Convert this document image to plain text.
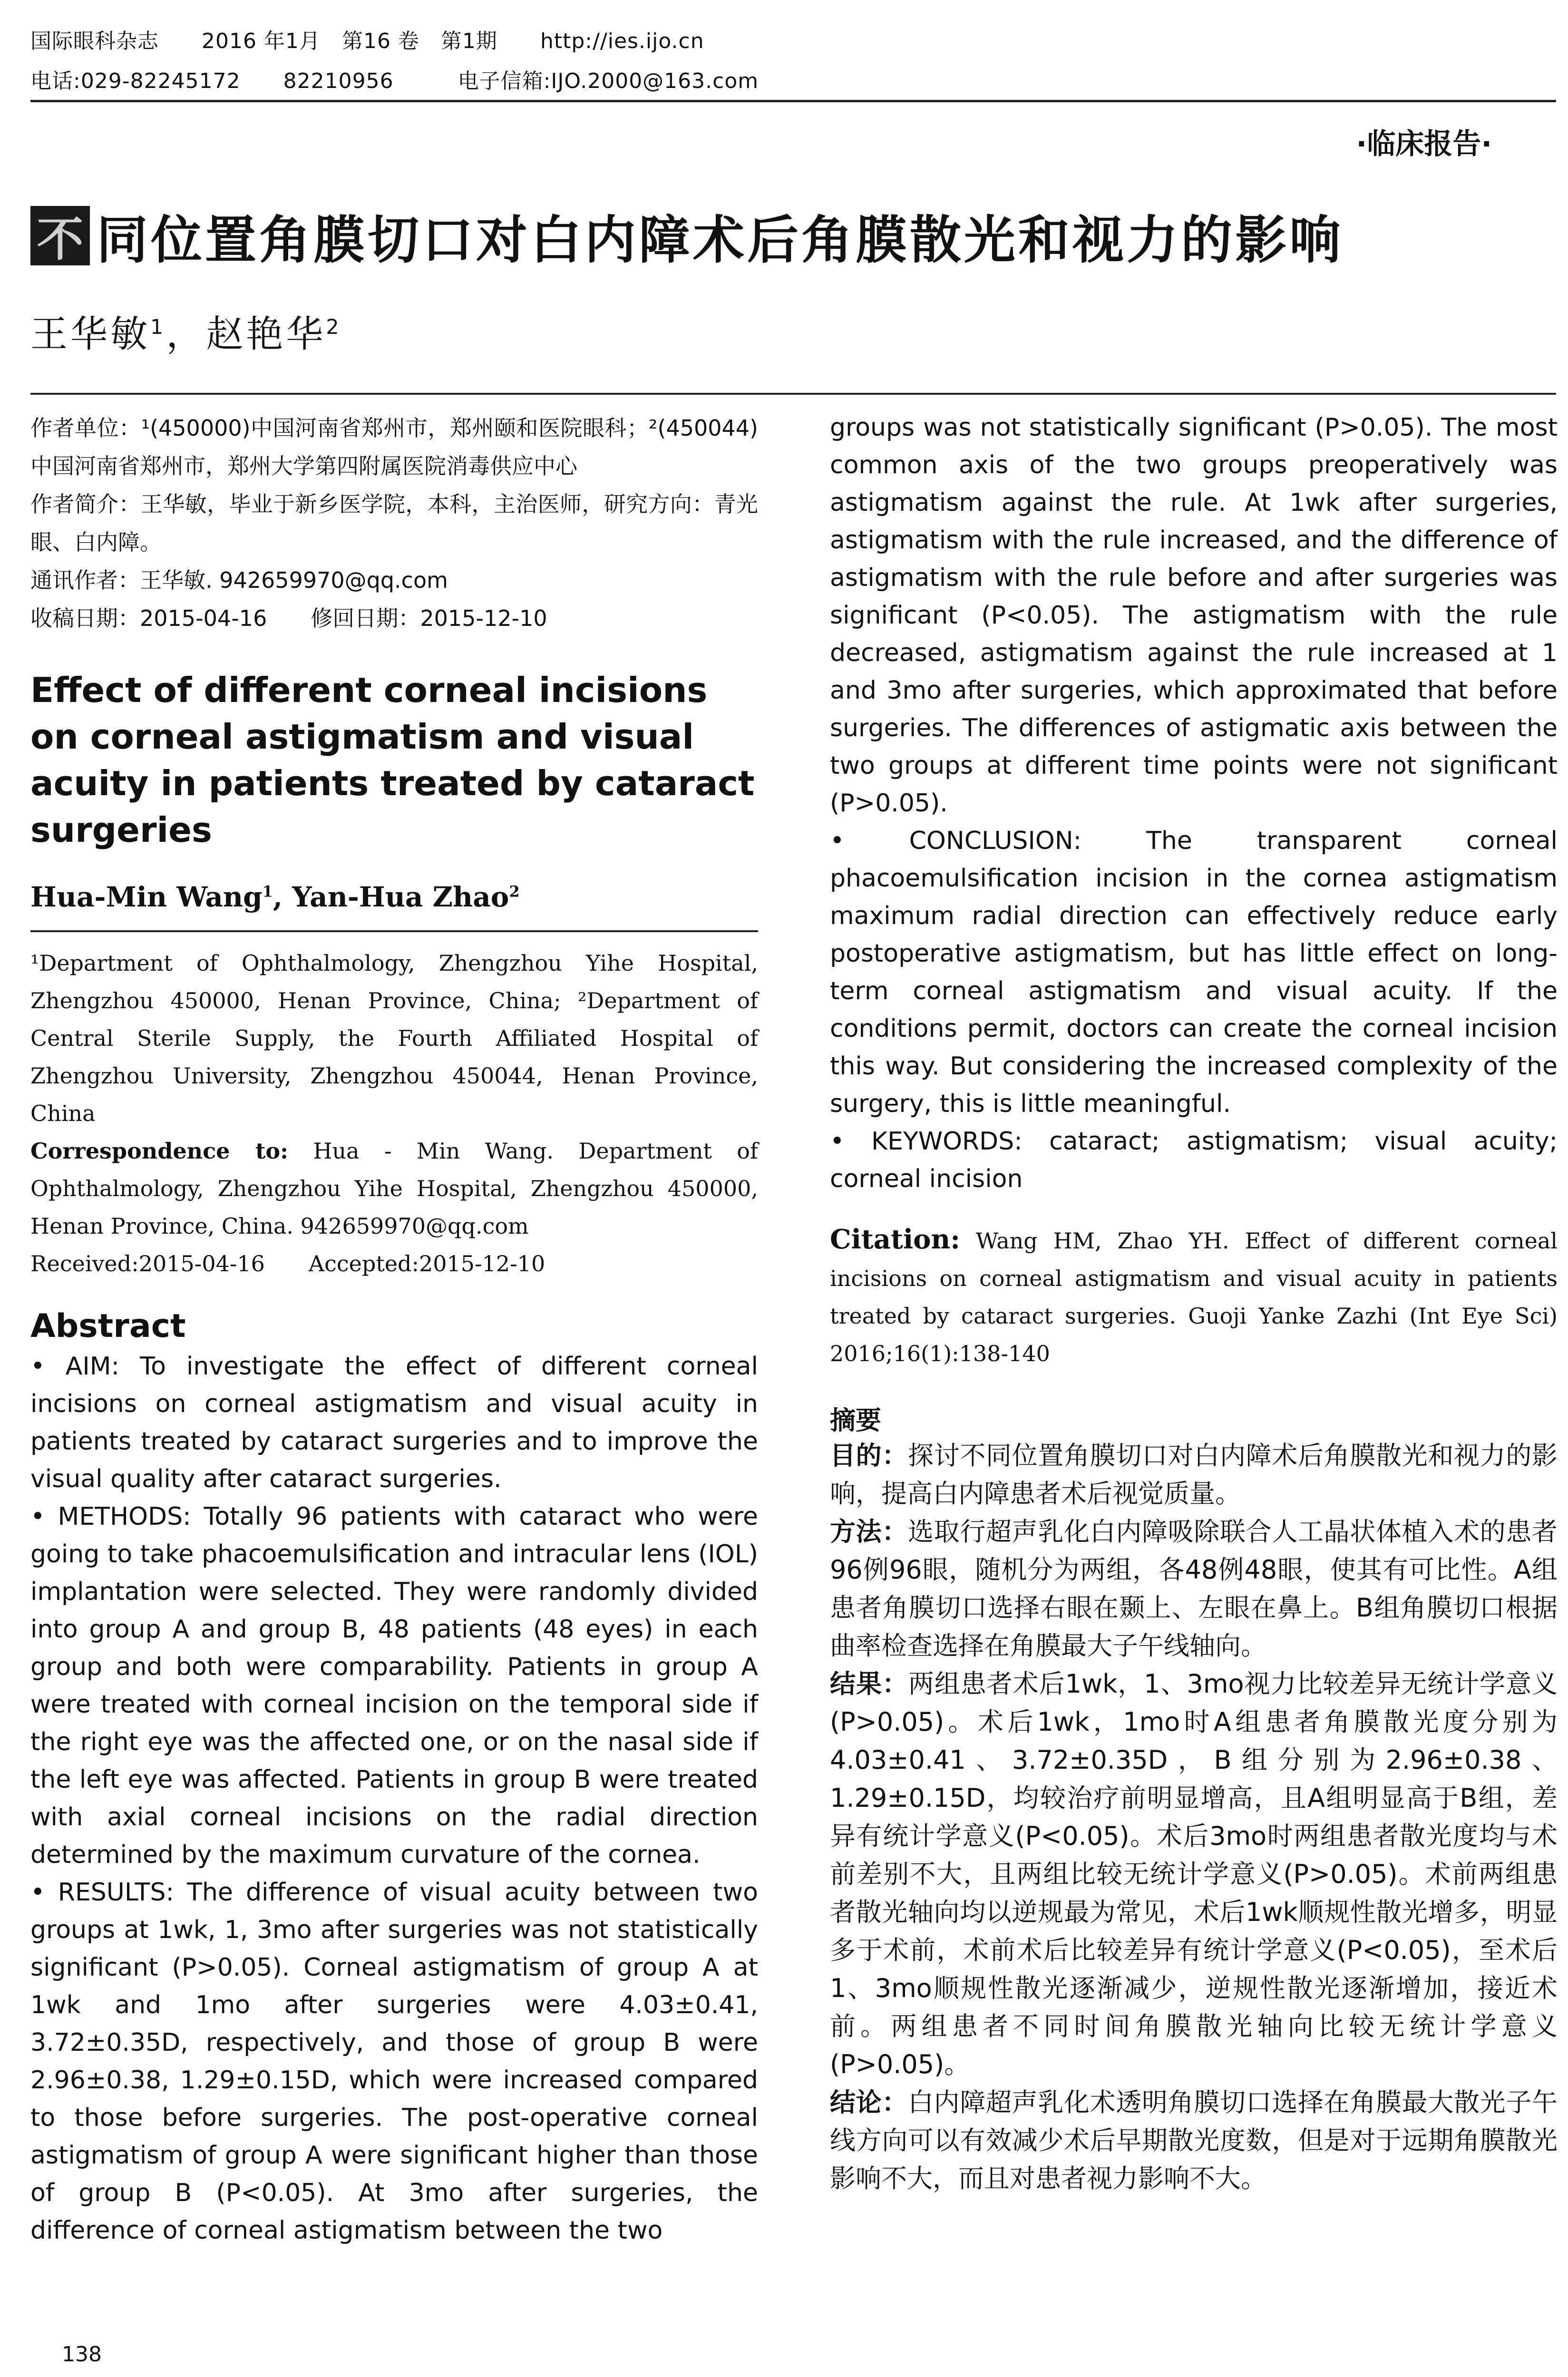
国际眼科杂志　　 2016 年1月　第16 卷　第1期　　 http://ies.ijo.cn
电话:029-82245172　　82210956　　　	电子信箱:IJO.2000@163.com
·临床报告·
不 同位置角膜切口对白内障术后角膜散光和视力的影响
王华敏$^1$，赵艳华$^2$

作者单位：¹(450000)中国河南省郑州市，郑州颐和医院眼科；²(450044)中国河南省郑州市，郑州大学第四附属医院消毒供应中心

作者简介：王华敏，毕业于新乡医学院，本科，主治医师，研究方向：青光眼、白内障。

通讯作者：王华敏. 942659970@qq.com

收稿日期：2015-04-16　　修回日期：2015-12-10

Effect of different corneal incisions on corneal astigmatism and visual acuity in patients treated by cataract surgeries

Hua-Min Wang$^1$, Yan-Hua Zhao$^2$

¹Department of Ophthalmology, Zhengzhou Yihe Hospital, Zhengzhou 450000, Henan Province, China; ²Department of Central Sterile Supply, the Fourth Affiliated Hospital of Zhengzhou University, Zhengzhou 450044, Henan Province, China

Correspondence to: Hua - Min Wang. Department of Ophthalmology, Zhengzhou Yihe Hospital, Zhengzhou 450000, Henan Province, China. 942659970@qq.com

Received:2015-04-16　　Accepted:2015-12-10

Abstract

• AIM: To investigate the effect of different corneal incisions on corneal astigmatism and visual acuity in patients treated by cataract surgeries and to improve the visual quality after cataract surgeries.

• METHODS: Totally 96 patients with cataract who were going to take phacoemulsification and intracular lens (IOL) implantation were selected. They were randomly divided into group A and group B, 48 patients (48 eyes) in each group and both were comparability. Patients in group A were treated with corneal incision on the temporal side if the right eye was the affected one, or on the nasal side if the left eye was affected. Patients in group B were treated with axial corneal incisions on the radial direction determined by the maximum curvature of the cornea.

• RESULTS: The difference of visual acuity between two groups at 1wk, 1, 3mo after surgeries was not statistically significant (P>0.05). Corneal astigmatism of group A at 1wk and 1mo after surgeries were 4.03±0.41, 3.72±0.35D, respectively, and those of group B were 2.96±0.38, 1.29±0.15D, which were increased compared to those before surgeries. The post-operative corneal astigmatism of group A were significant higher than those of group B (P<0.05). At 3mo after surgeries, the difference of corneal astigmatism between the two

groups was not statistically significant (P>0.05). The most common axis of the two groups preoperatively was astigmatism against the rule. At 1wk after surgeries, astigmatism with the rule increased, and the difference of astigmatism with the rule before and after surgeries was significant (P<0.05). The astigmatism with the rule decreased, astigmatism against the rule increased at 1 and 3mo after surgeries, which approximated that before surgeries. The differences of astigmatic axis between the two groups at different time points were not significant (P>0.05).

• CONCLUSION: The transparent corneal phacoemulsification incision in the cornea astigmatism maximum radial direction can effectively reduce early postoperative astigmatism, but has little effect on long-term corneal astigmatism and visual acuity. If the conditions permit, doctors can create the corneal incision this way. But considering the increased complexity of the surgery, this is little meaningful.

• KEYWORDS: cataract; astigmatism; visual acuity; corneal incision

Citation: Wang HM, Zhao YH. Effect of different corneal incisions on corneal astigmatism and visual acuity in patients treated by cataract surgeries. Guoji Yanke Zazhi (Int Eye Sci) 2016;16(1):138-140

摘要

目的：探讨不同位置角膜切口对白内障术后角膜散光和视力的影响，提高白内障患者术后视觉质量。

方法：选取行超声乳化白内障吸除联合人工晶状体植入术的患者96例96眼，随机分为两组，各48例48眼，使其有可比性。A组患者角膜切口选择右眼在颞上、左眼在鼻上。B组角膜切口根据曲率检查选择在角膜最大子午线轴向。

结果：两组患者术后1wk，1、3mo视力比较差异无统计学意义(P>0.05)。术后1wk，1mo时A组患者角膜散光度分别为4.03±0.41、3.72±0.35D，B组分别为2.96±0.38、1.29±0.15D，均较治疗前明显增高，且A组明显高于B组，差异有统计学意义(P<0.05)。术后3mo时两组患者散光度均与术前差别不大，且两组比较无统计学意义(P>0.05)。术前两组患者散光轴向均以逆规最为常见，术后1wk顺规性散光增多，明显多于术前，术前术后比较差异有统计学意义(P<0.05)，至术后1、3mo顺规性散光逐渐减少，逆规性散光逐渐增加，接近术前。两组患者不同时间角膜散光轴向比较无统计学意义(P>0.05)。

结论：白内障超声乳化术透明角膜切口选择在角膜最大散光子午线方向可以有效减少术后早期散光度数，但是对于远期角膜散光影响不大，而且对患者视力影响不大。

138
